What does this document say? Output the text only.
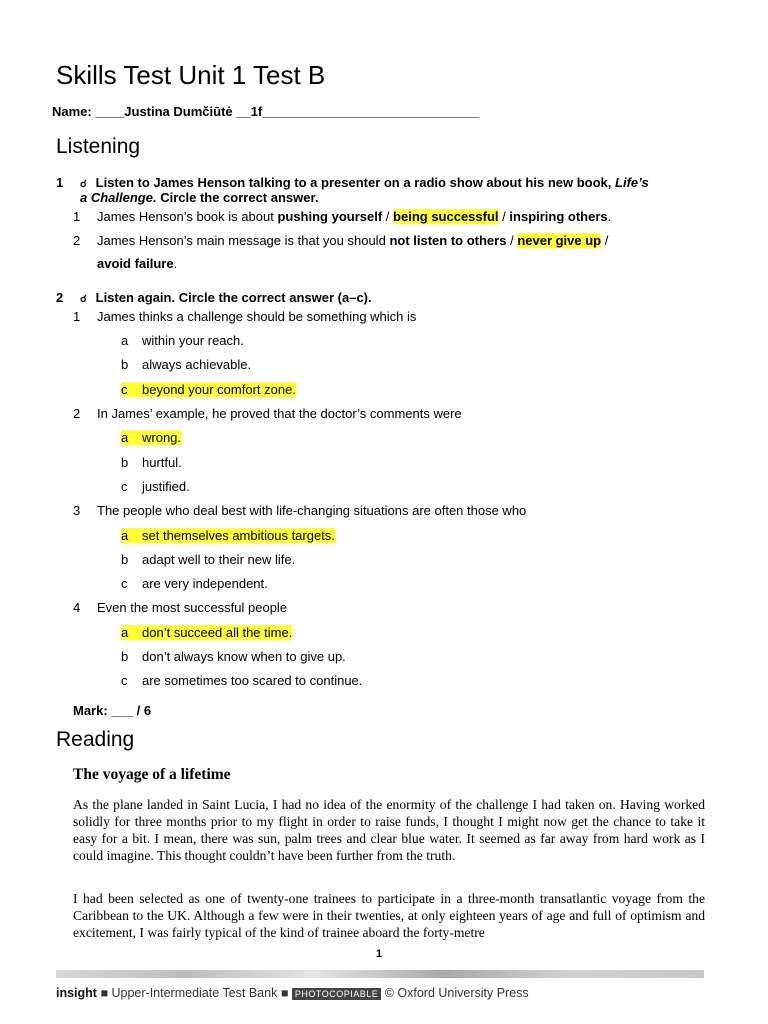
Skills Test Unit 1 Test B
Name: ____Justina Dumčiūtė __1f______________________________
Listening
1 ☌ Listen to James Henson talking to a presenter on a radio show about his new book, Life’s
a Challenge. Circle the correct answer.
1 James Henson’s book is about pushing yourself / being successful / inspiring others.
2 James Henson’s main message is that you should not listen to others / never give up /
avoid failure.
2 ☌ Listen again. Circle the correct answer (a–c).
1 James thinks a challenge should be something which is
a within your reach.
b always achievable.
c beyond your comfort zone.
2 In James’ example, he proved that the doctor’s comments were
a wrong.
b hurtful.
c justified.
3 The people who deal best with life-changing situations are often those who
a set themselves ambitious targets.
b adapt well to their new life.
c are very independent.
4 Even the most successful people
a don’t succeed all the time.
b don’t always know when to give up.
c are sometimes too scared to continue.
Mark: ___ / 6
Reading
The voyage of a lifetime
As the plane landed in Saint Lucia, I had no idea of the enormity of the challenge I had taken on. Having worked solidly for three months prior to my flight in order to raise funds, I thought I might now get the chance to take it easy for a bit. I mean, there was sun, palm trees and clear blue water. It seemed as far away from hard work as I could imagine. This thought couldn’t have been further from the truth.
I had been selected as one of twenty-one trainees to participate in a three-month transatlantic voyage from the Caribbean to the UK. Although a few were in their twenties, at only eighteen years of age and full of optimism and excitement, I was fairly typical of the kind of trainee aboard the forty-metre
1
insight ■ Upper-Intermediate Test Bank ■ PHOTOCOPIABLE © Oxford University Press
